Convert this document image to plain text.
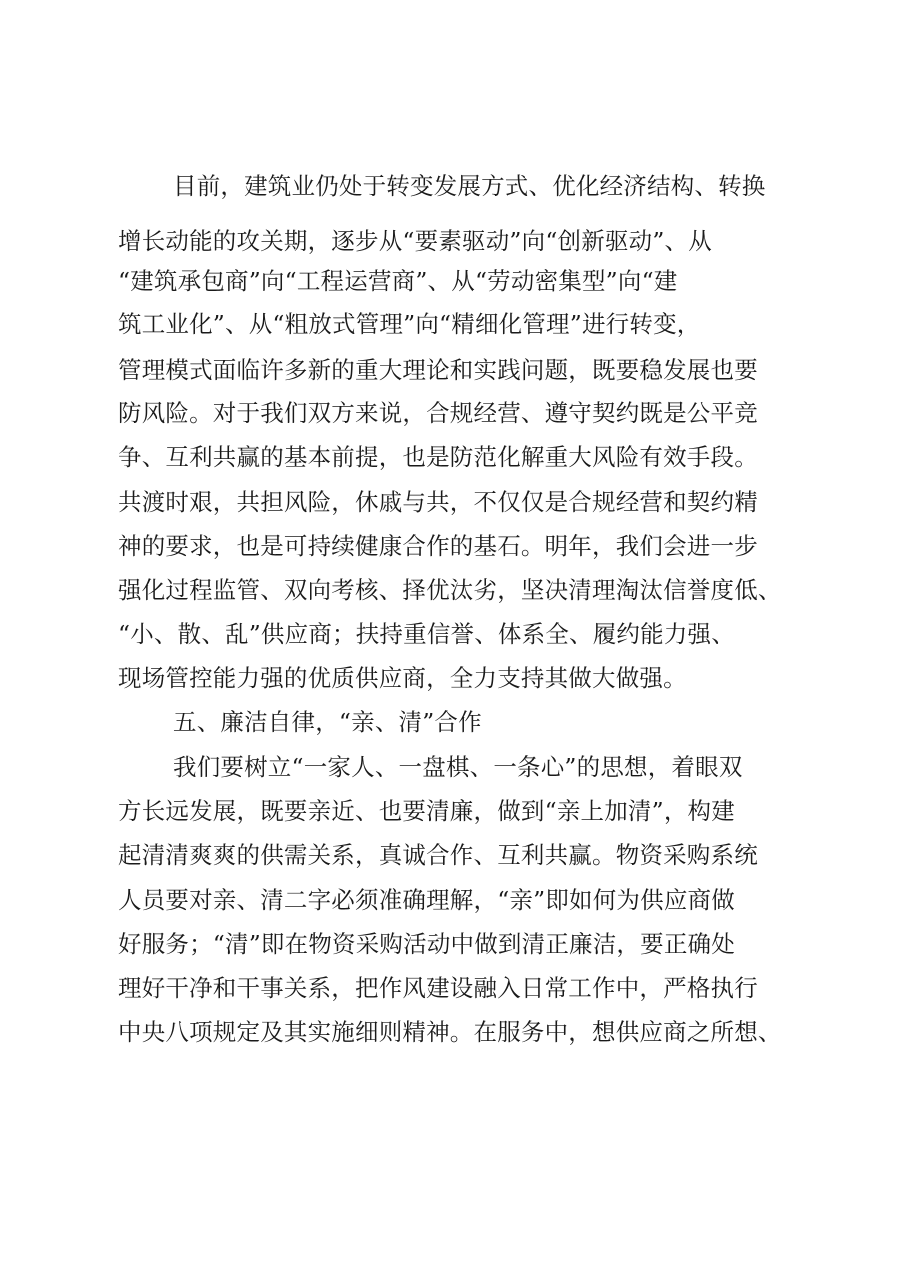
目前，建筑业仍处于转变发展方式、优化经济结构、转换
增长动能的攻关期，逐步从“要素驱动”向“创新驱动”、从
“建筑承包商”向“工程运营商”、从“劳动密集型”向“建
筑工业化”、从“粗放式管理”向“精细化管理”进行转变，
管理模式面临许多新的重大理论和实践问题，既要稳发展也要
防风险。对于我们双方来说，合规经营、遵守契约既是公平竞
争、互利共赢的基本前提，也是防范化解重大风险有效手段。
共渡时艰，共担风险，休戚与共，不仅仅是合规经营和契约精
神的要求，也是可持续健康合作的基石。明年，我们会进一步
强化过程监管、双向考核、择优汰劣，坚决清理淘汰信誉度低、
“小、散、乱”供应商；扶持重信誉、体系全、履约能力强、
现场管控能力强的优质供应商，全力支持其做大做强。
五、廉洁自律，“亲、清”合作
我们要树立“一家人、一盘棋、一条心”的思想，着眼双
方长远发展，既要亲近、也要清廉，做到“亲上加清”，构建
起清清爽爽的供需关系，真诚合作、互利共赢。物资采购系统
人员要对亲、清二字必须准确理解，“亲”即如何为供应商做
好服务；“清”即在物资采购活动中做到清正廉洁，要正确处
理好干净和干事关系，把作风建设融入日常工作中，严格执行
中央八项规定及其实施细则精神。在服务中，想供应商之所想、
